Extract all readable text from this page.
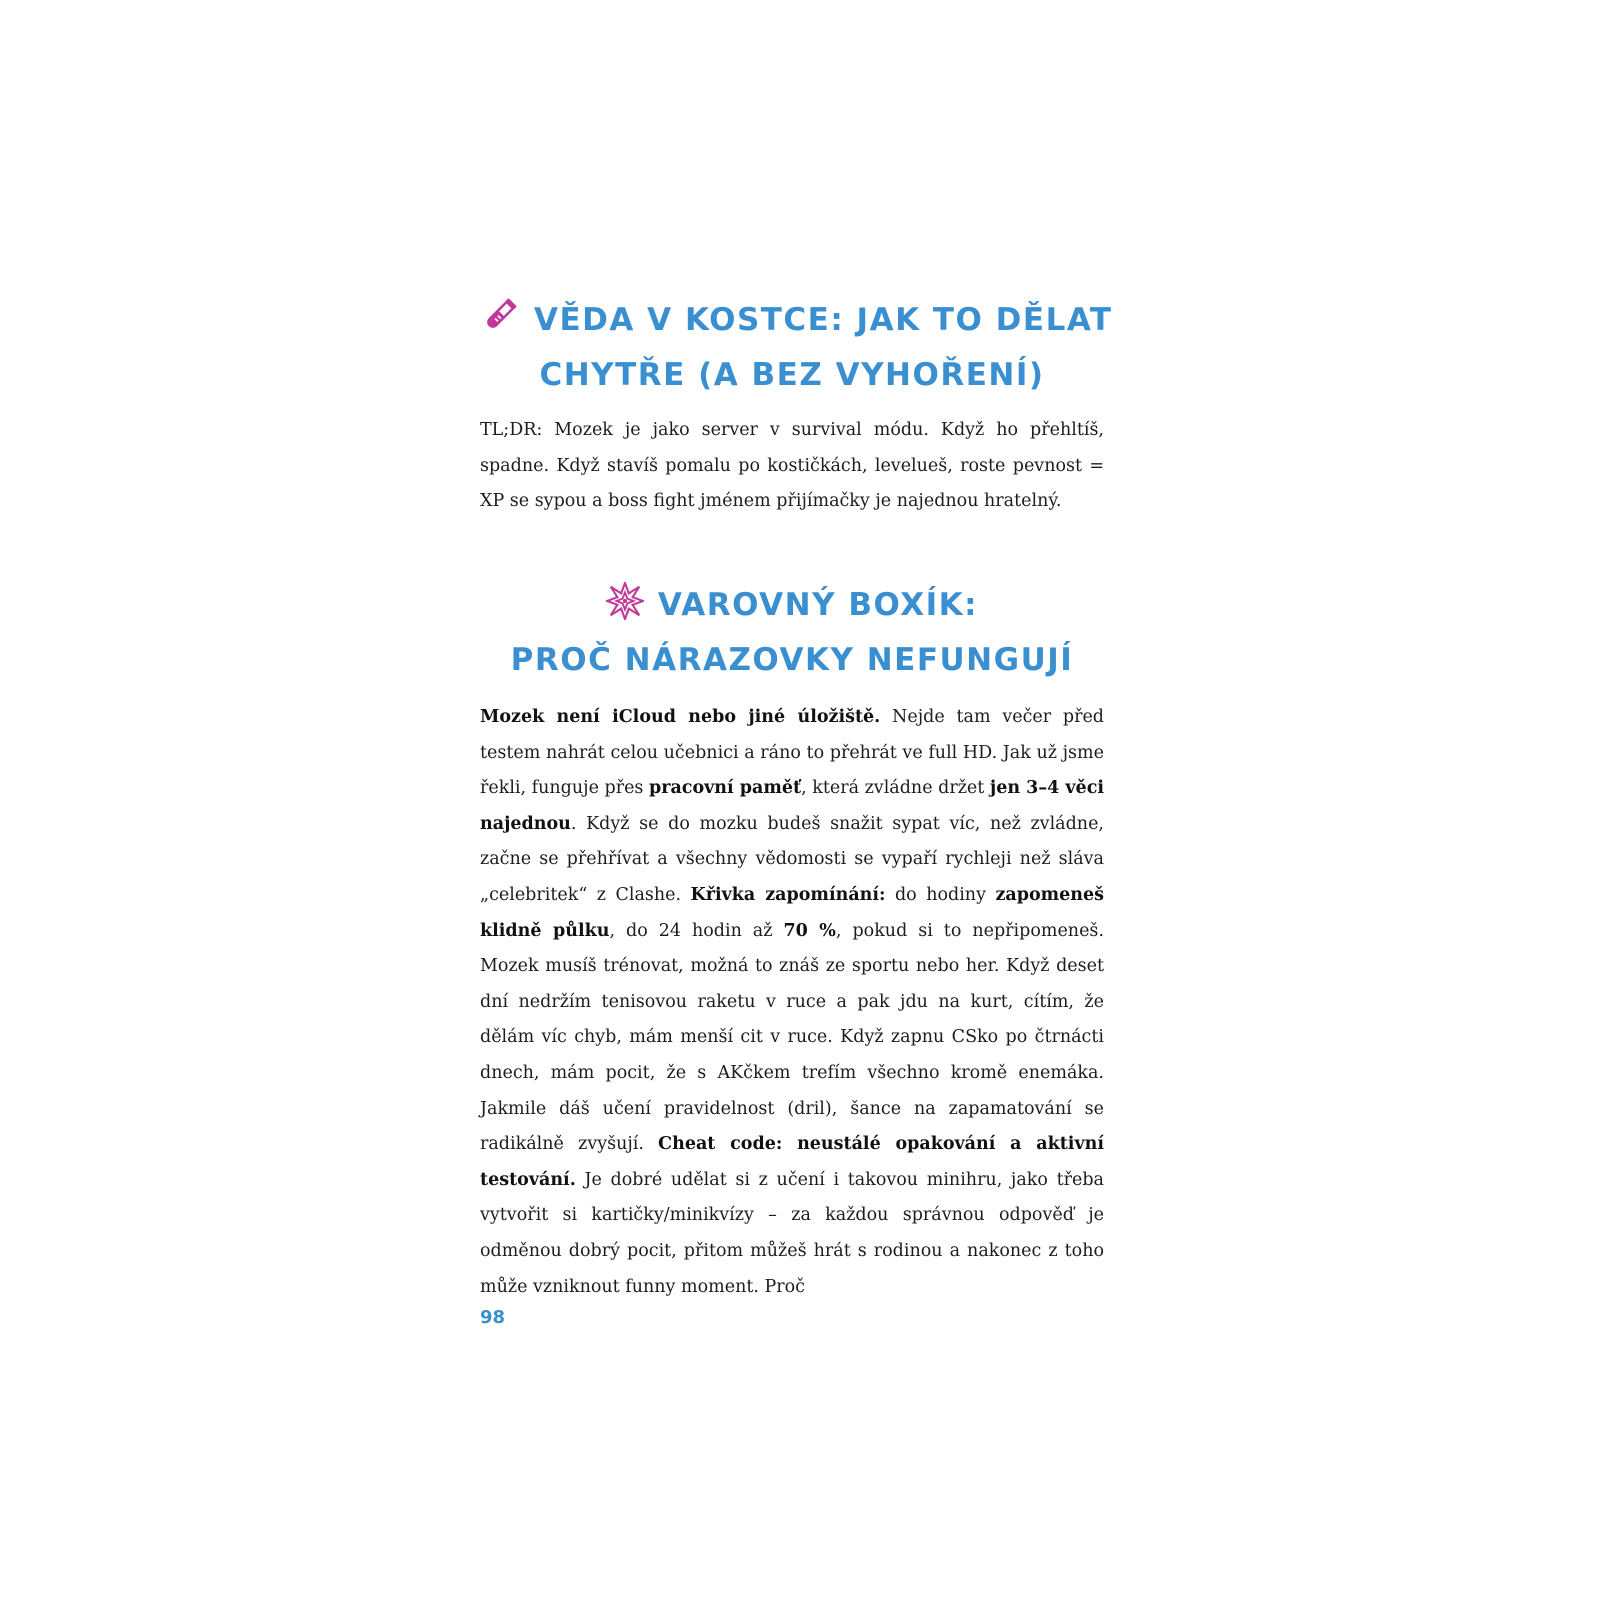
VĚDA V KOSTCE: JAK TO DĚLAT
CHYTŘE (A BEZ VYHOŘENÍ)

TL;DR: Mozek je jako server v survival módu. Když ho přehltíš, spadne. Když stavíš pomalu po kostičkách, levelueš, roste pevnost = XP se sypou a boss fight jménem přijímačky je najednou hratelný.

VAROVNÝ BOXÍK:
PROČ NÁRAZOVKY NEFUNGUJÍ

Mozek není iCloud nebo jiné úložiště. Nejde tam večer před testem nahrát celou učebnici a ráno to přehrát ve full HD. Jak už jsme řekli, funguje přes pracovní paměť, která zvládne držet jen 3–4 věci najednou. Když se do mozku budeš snažit sypat víc, než zvládne, začne se přehřívat a všechny vědomosti se vypaří rychleji než sláva „celebritek“ z Clashe. Křivka zapomínání: do hodiny zapomeneš klidně půlku, do 24 hodin až 70 %, pokud si to nepřipomeneš. Mozek musíš trénovat, možná to znáš ze sportu nebo her. Když deset dní nedržím tenisovou raketu v ruce a pak jdu na kurt, cítím, že dělám víc chyb, mám menší cit v ruce. Když zapnu CSko po čtrnácti dnech, mám pocit, že s AKčkem trefím všechno kromě enemáka. Jakmile dáš učení pravidelnost (dril), šance na zapamatování se radikálně zvyšují. Cheat code: neustálé opakování a aktivní testování. Je dobré udělat si z učení i takovou minihru, jako třeba vytvořit si kartičky/minikvízy – za každou správnou odpověď je odměnou dobrý pocit, přitom můžeš hrát s rodinou a nakonec z toho může vzniknout funny moment. Proč

98
